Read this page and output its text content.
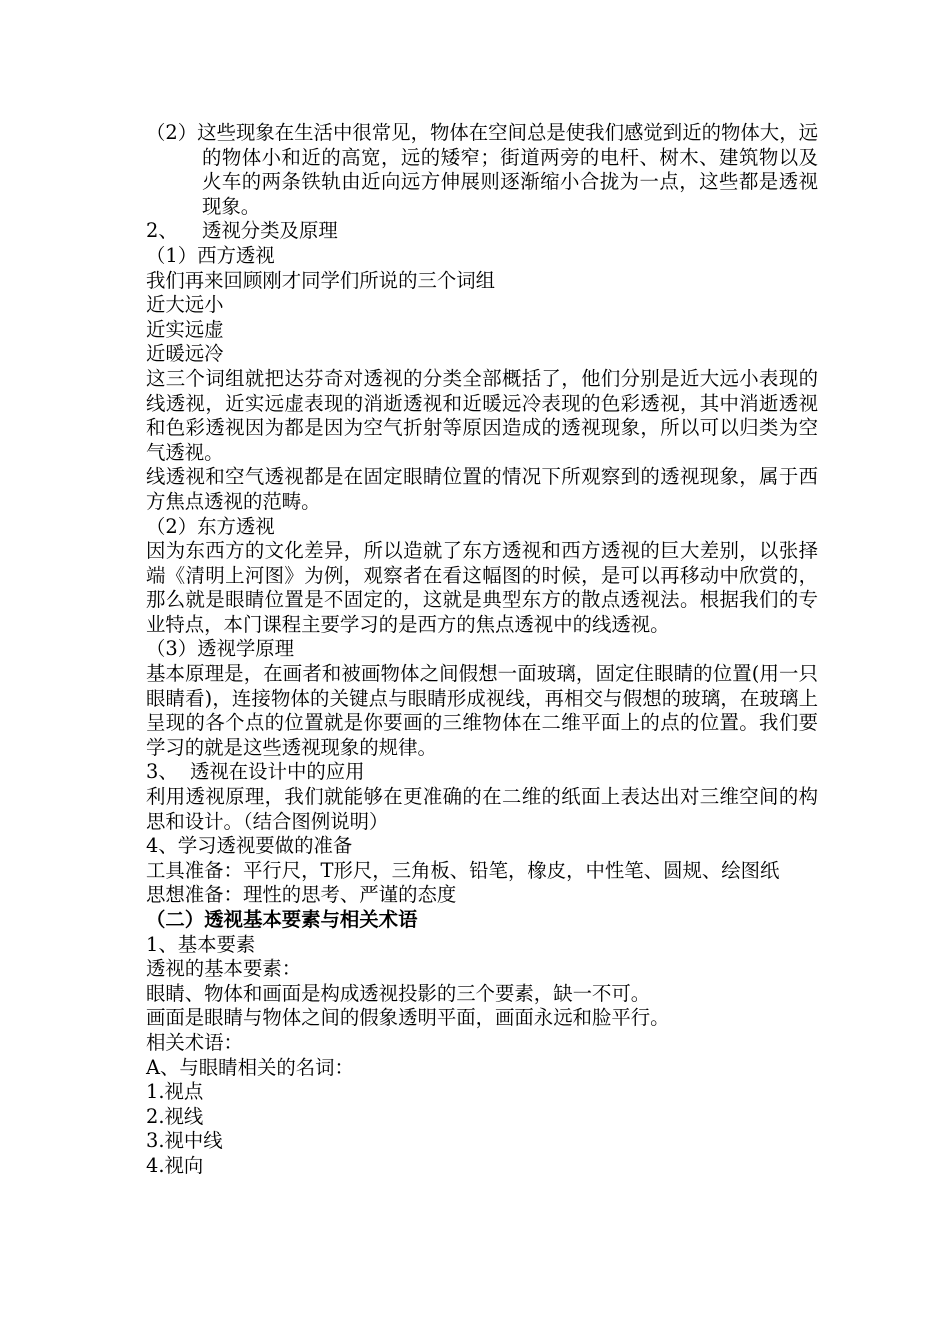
（2）这些现象在生活中很常见，物体在空间总是使我们感觉到近的物体大，远的物体小和近的高宽，远的矮窄；街道两旁的电杆、树木、建筑物以及火车的两条铁轨由近向远方伸展则逐渐缩小合拢为一点，这些都是透视现象。

2、 透视分类及原理

（1）西方透视

我们再来回顾刚才同学们所说的三个词组

近大远小

近实远虚

近暖远冷

这三个词组就把达芬奇对透视的分类全部概括了，他们分别是近大远小表现的线透视，近实远虚表现的消逝透视和近暖远冷表现的色彩透视，其中消逝透视和色彩透视因为都是因为空气折射等原因造成的透视现象，所以可以归类为空气透视。

线透视和空气透视都是在固定眼睛位置的情况下所观察到的透视现象，属于西方焦点透视的范畴。

（2）东方透视

因为东西方的文化差异，所以造就了东方透视和西方透视的巨大差别，以张择端《清明上河图》为例，观察者在看这幅图的时候，是可以再移动中欣赏的，那么就是眼睛位置是不固定的，这就是典型东方的散点透视法。根据我们的专业特点，本门课程主要学习的是西方的焦点透视中的线透视。

（3）透视学原理

基本原理是，在画者和被画物体之间假想一面玻璃，固定住眼睛的位置(用一只眼睛看)，连接物体的关键点与眼睛形成视线，再相交与假想的玻璃，在玻璃上呈现的各个点的位置就是你要画的三维物体在二维平面上的点的位置。我们要学习的就是这些透视现象的规律。

3、 透视在设计中的应用

利用透视原理，我们就能够在更准确的在二维的纸面上表达出对三维空间的构思和设计。（结合图例说明）

4、学习透视要做的准备

工具准备：平行尺，T形尺，三角板、铅笔，橡皮，中性笔、圆规、绘图纸

思想准备：理性的思考、严谨的态度

（二）透视基本要素与相关术语

1、基本要素

透视的基本要素：

眼睛、物体和画面是构成透视投影的三个要素，缺一不可。

画面是眼睛与物体之间的假象透明平面，画面永远和脸平行。

相关术语：

A、与眼睛相关的名词：

1.视点

2.视线

3.视中线

4.视向
